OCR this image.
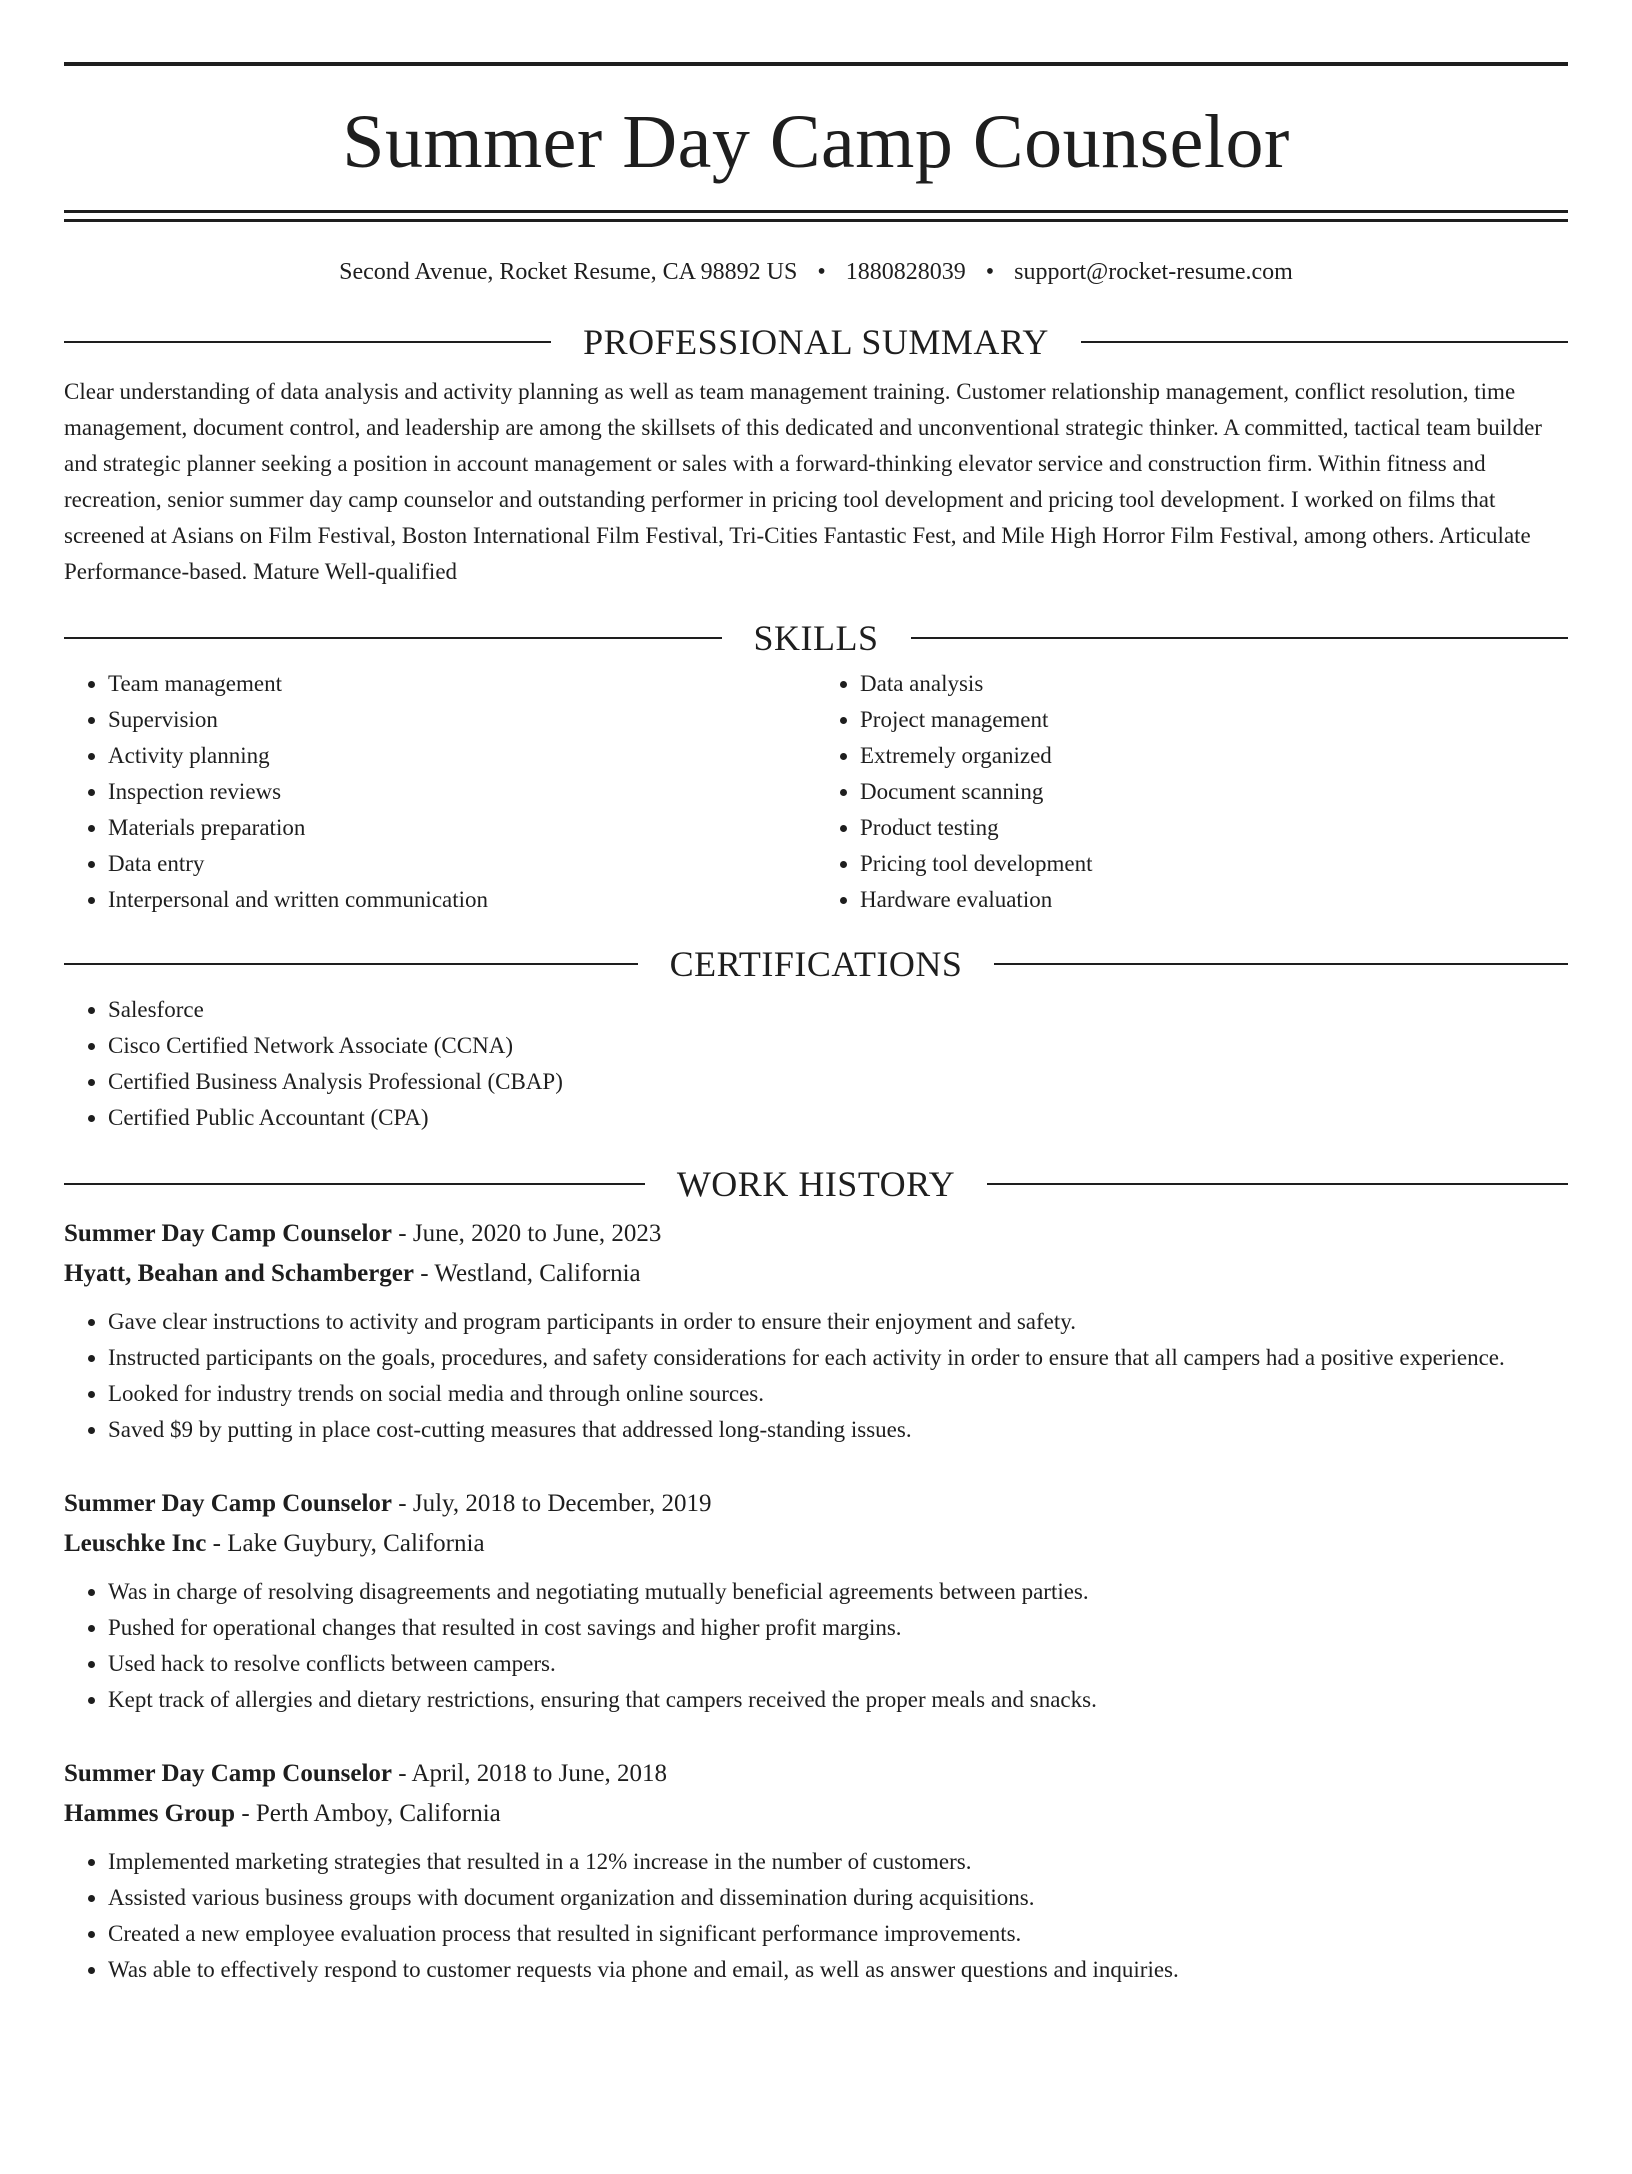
Summer Day Camp Counselor
Second Avenue, Rocket Resume, CA 98892 US • 1880828039 • support@rocket-resume.com
PROFESSIONAL SUMMARY
Clear understanding of data analysis and activity planning as well as team management training. Customer relationship management, conflict resolution, time management, document control, and leadership are among the skillsets of this dedicated and unconventional strategic thinker. A committed, tactical team builder and strategic planner seeking a position in account management or sales with a forward-thinking elevator service and construction firm. Within fitness and recreation, senior summer day camp counselor and outstanding performer in pricing tool development and pricing tool development. I worked on films that screened at Asians on Film Festival, Boston International Film Festival, Tri-Cities Fantastic Fest, and Mile High Horror Film Festival, among others. Articulate Performance-based. Mature Well-qualified
SKILLS
• Team management
• Supervision
• Activity planning
• Inspection reviews
• Materials preparation
• Data entry
• Interpersonal and written communication
• Data analysis
• Project management
• Extremely organized
• Document scanning
• Product testing
• Pricing tool development
• Hardware evaluation
CERTIFICATIONS
• Salesforce
• Cisco Certified Network Associate (CCNA)
• Certified Business Analysis Professional (CBAP)
• Certified Public Accountant (CPA)
WORK HISTORY
Summer Day Camp Counselor - June, 2020 to June, 2023
Hyatt, Beahan and Schamberger - Westland, California
• Gave clear instructions to activity and program participants in order to ensure their enjoyment and safety.
• Instructed participants on the goals, procedures, and safety considerations for each activity in order to ensure that all campers had a positive experience.
• Looked for industry trends on social media and through online sources.
• Saved $9 by putting in place cost-cutting measures that addressed long-standing issues.
Summer Day Camp Counselor - July, 2018 to December, 2019
Leuschke Inc - Lake Guybury, California
• Was in charge of resolving disagreements and negotiating mutually beneficial agreements between parties.
• Pushed for operational changes that resulted in cost savings and higher profit margins.
• Used hack to resolve conflicts between campers.
• Kept track of allergies and dietary restrictions, ensuring that campers received the proper meals and snacks.
Summer Day Camp Counselor - April, 2018 to June, 2018
Hammes Group - Perth Amboy, California
• Implemented marketing strategies that resulted in a 12% increase in the number of customers.
• Assisted various business groups with document organization and dissemination during acquisitions.
• Created a new employee evaluation process that resulted in significant performance improvements.
• Was able to effectively respond to customer requests via phone and email, as well as answer questions and inquiries.
